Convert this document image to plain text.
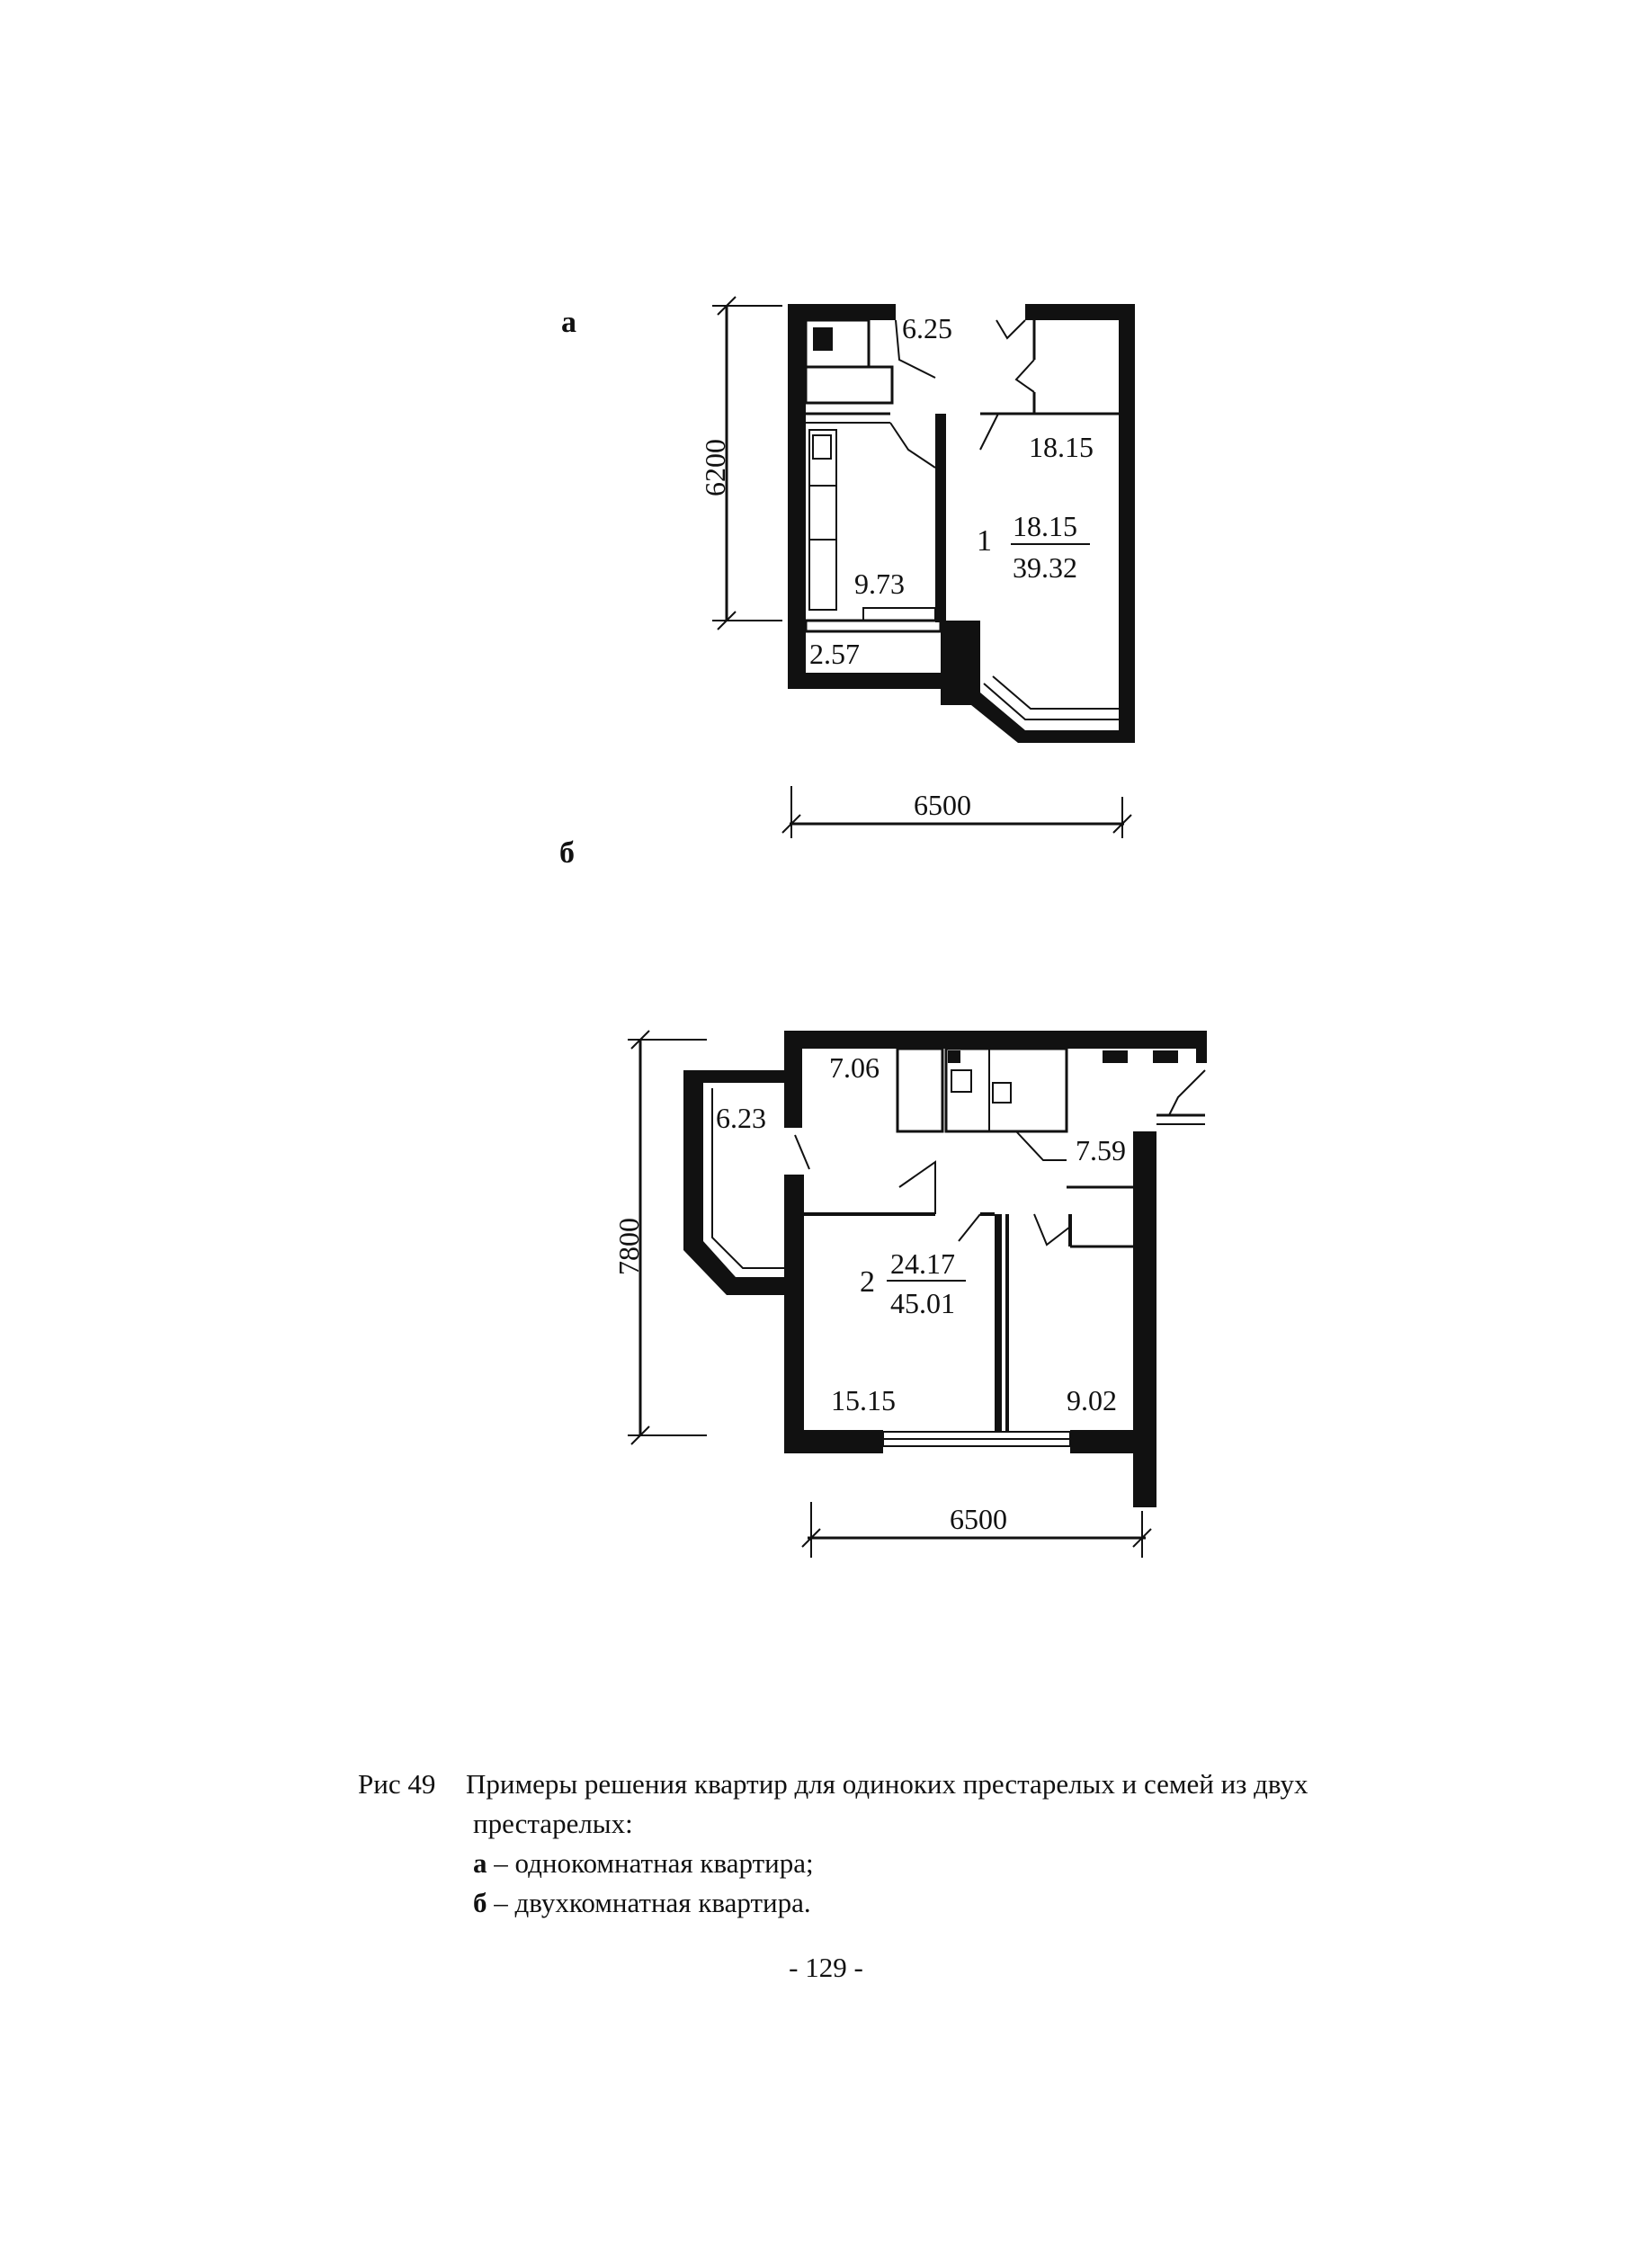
а
б
6200
6.25
18.15
9.73
2.57
1 18.15
39.32
6500
7800
7.06
6.23
7.59
15.15	9.02
2
24.17
45.01
6500
Рис 49 Примеры решения квартир для одиноких престарелых и семей из двух
престарелых:
а – однокомнатная квартира;
б – двухкомнатная квартира.
- 129 -
